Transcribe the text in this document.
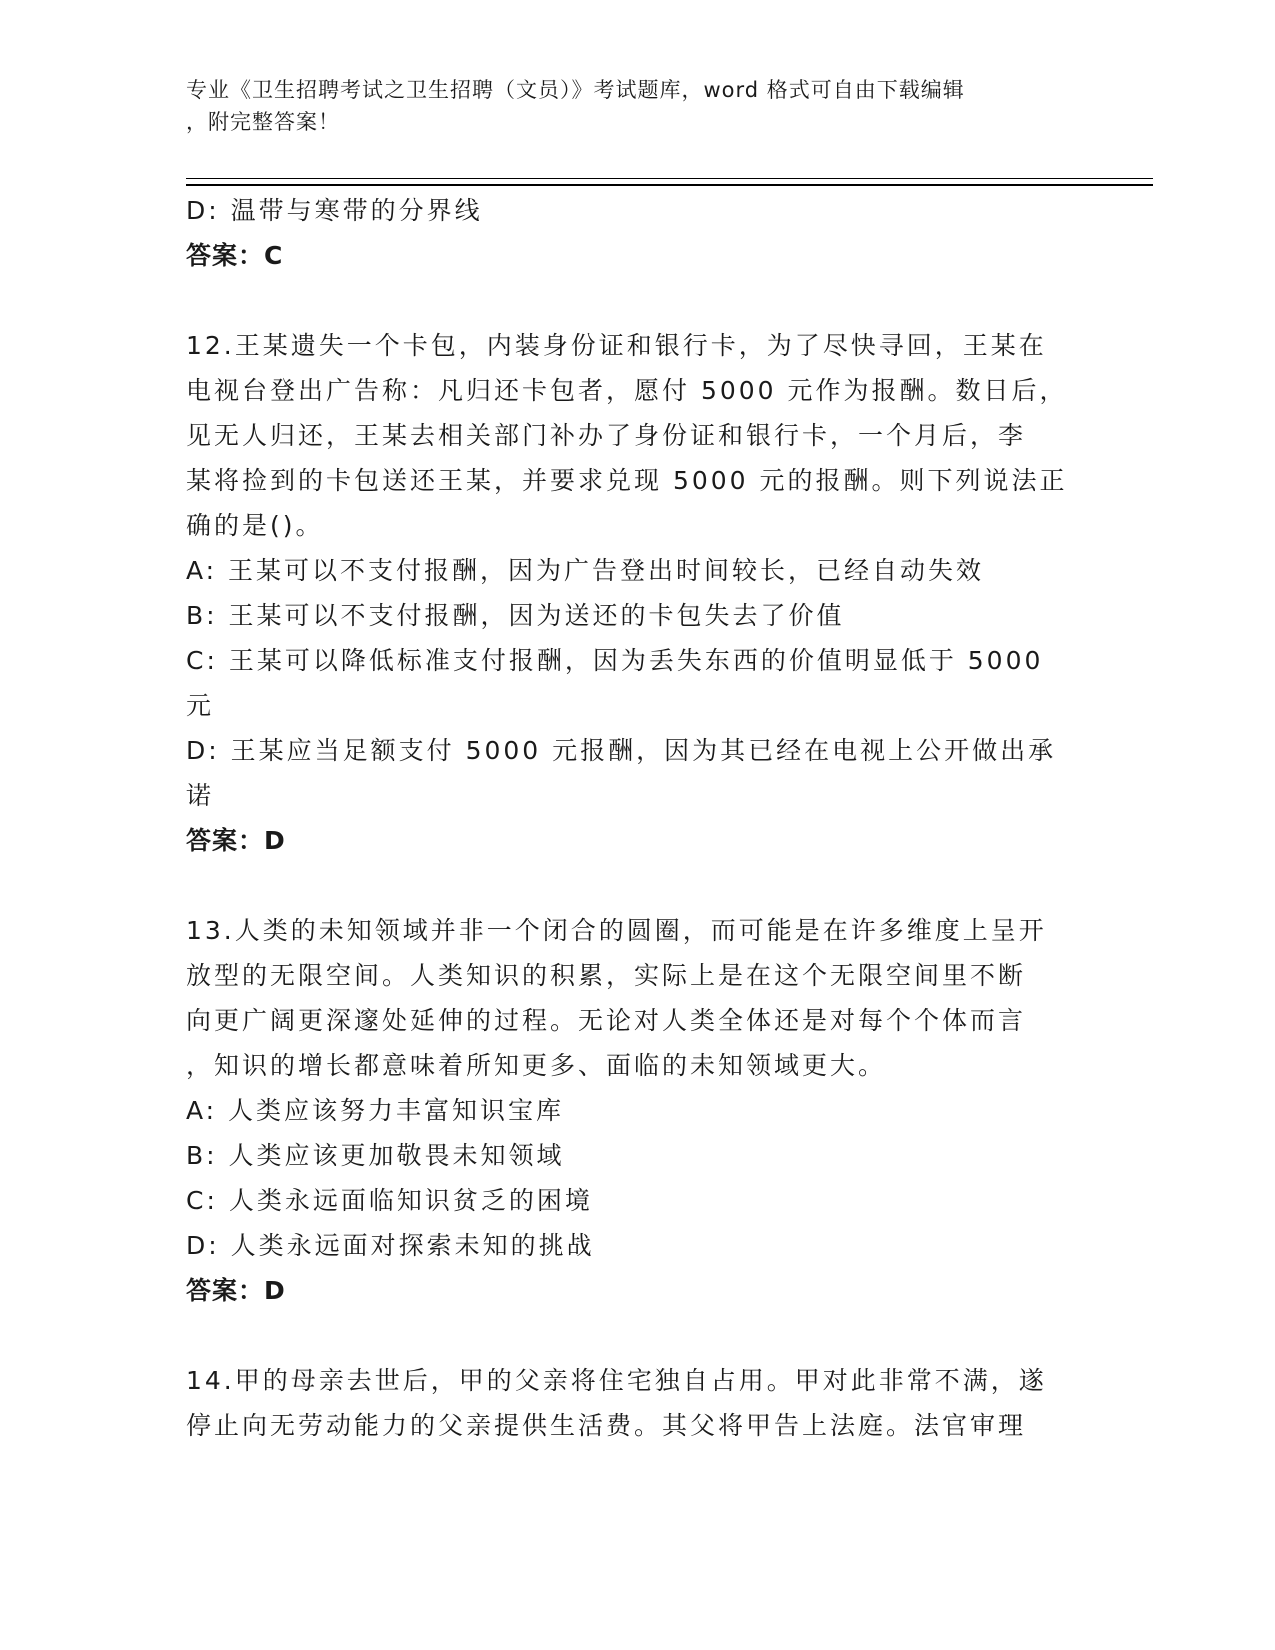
专业《卫生招聘考试之卫生招聘（文员）》考试题库，word 格式可自由下载编辑
，附完整答案！
D: 温带与寒带的分界线
答案：C
12.王某遗失一个卡包，内装身份证和银行卡，为了尽快寻回，王某在
电视台登出广告称：凡归还卡包者，愿付 5000 元作为报酬。数日后，
见无人归还，王某去相关部门补办了身份证和银行卡，一个月后，李
某将捡到的卡包送还王某，并要求兑现 5000 元的报酬。则下列说法正
确的是()。
A: 王某可以不支付报酬，因为广告登出时间较长，已经自动失效
B: 王某可以不支付报酬，因为送还的卡包失去了价值
C: 王某可以降低标准支付报酬，因为丢失东西的价值明显低于 5000
元
D: 王某应当足额支付 5000 元报酬，因为其已经在电视上公开做出承
诺
答案：D
13.人类的未知领域并非一个闭合的圆圈，而可能是在许多维度上呈开
放型的无限空间。人类知识的积累，实际上是在这个无限空间里不断
向更广阔更深邃处延伸的过程。无论对人类全体还是对每个个体而言
，知识的增长都意味着所知更多、面临的未知领域更大。
A: 人类应该努力丰富知识宝库
B: 人类应该更加敬畏未知领域
C: 人类永远面临知识贫乏的困境
D: 人类永远面对探索未知的挑战
答案：D
14.甲的母亲去世后，甲的父亲将住宅独自占用。甲对此非常不满，遂
停止向无劳动能力的父亲提供生活费。其父将甲告上法庭。法官审理
